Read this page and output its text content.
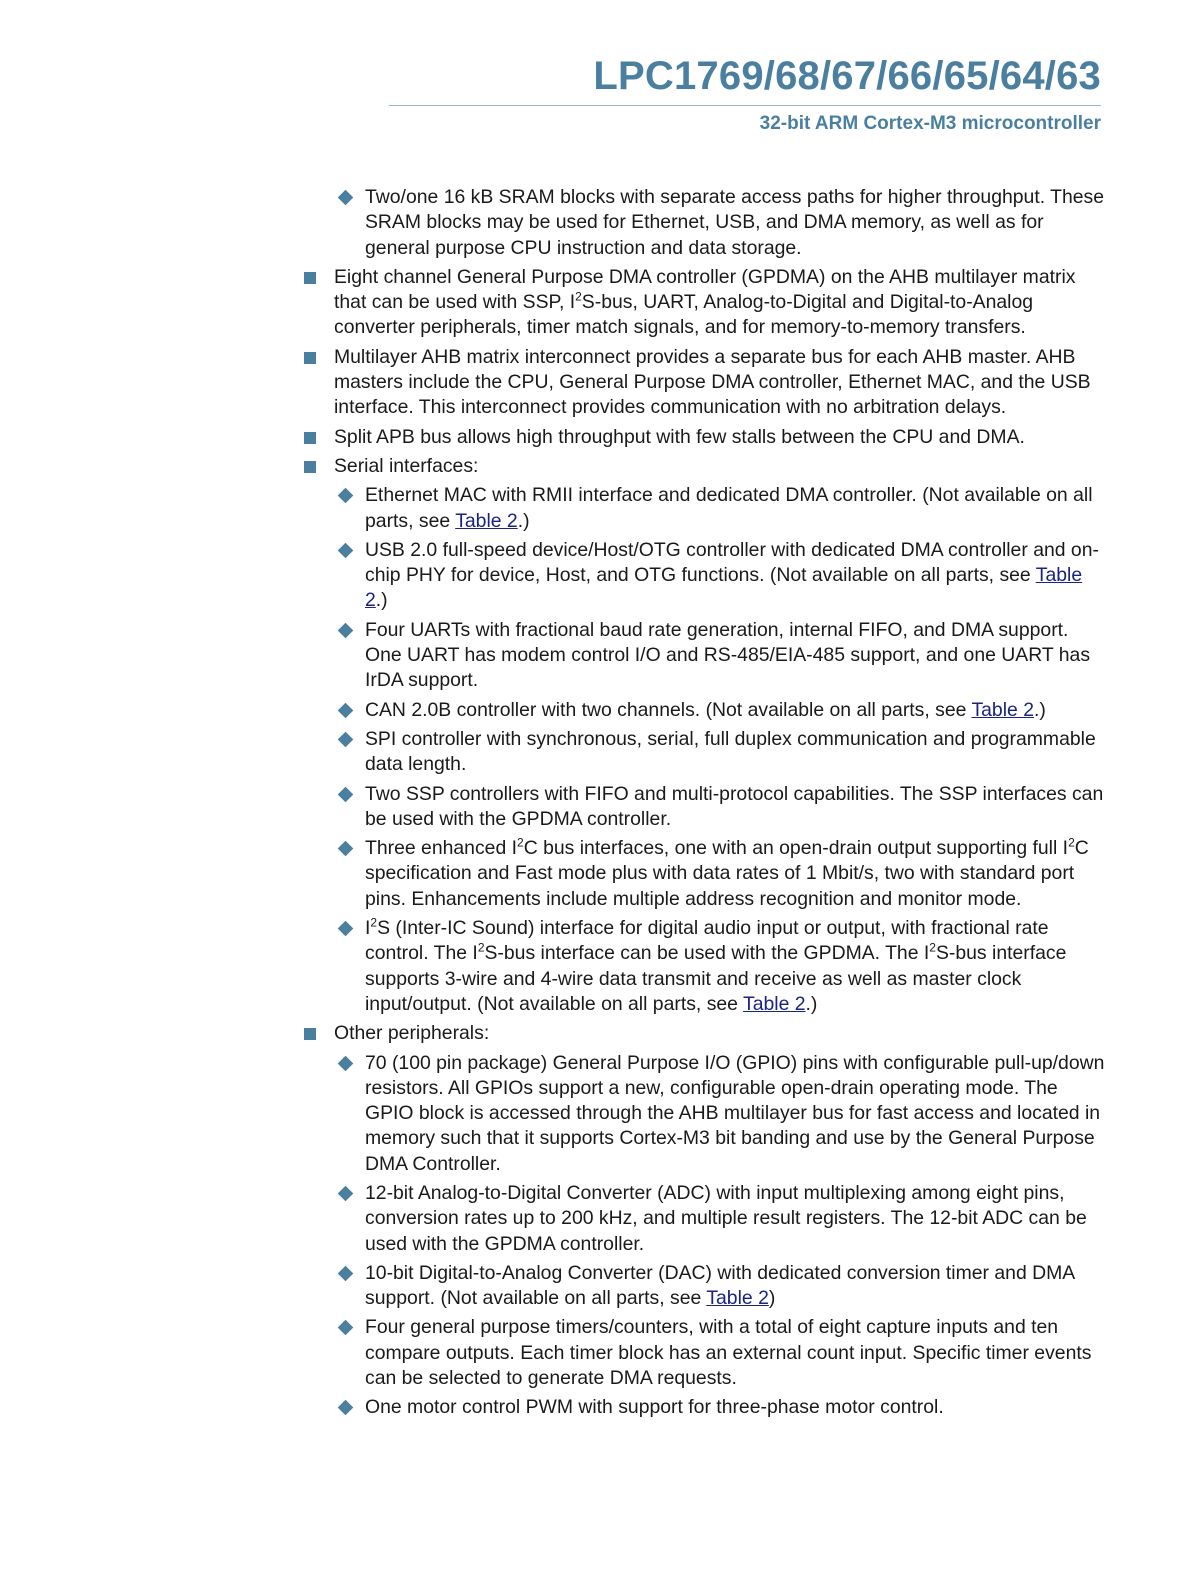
LPC1769/68/67/66/65/64/63
32-bit ARM Cortex-M3 microcontroller
Two/one 16 kB SRAM blocks with separate access paths for higher throughput. These SRAM blocks may be used for Ethernet, USB, and DMA memory, as well as for general purpose CPU instruction and data storage.
Eight channel General Purpose DMA controller (GPDMA) on the AHB multilayer matrix that can be used with SSP, $I^2S$-bus, UART, Analog-to-Digital and Digital-to-Analog converter peripherals, timer match signals, and for memory-to-memory transfers.
Multilayer AHB matrix interconnect provides a separate bus for each AHB master. AHB masters include the CPU, General Purpose DMA controller, Ethernet MAC, and the USB interface. This interconnect provides communication with no arbitration delays.
Split APB bus allows high throughput with few stalls between the CPU and DMA.
Serial interfaces:
Ethernet MAC with RMII interface and dedicated DMA controller. (Not available on all parts, see Table 2.)
USB 2.0 full-speed device/Host/OTG controller with dedicated DMA controller and on-chip PHY for device, Host, and OTG functions. (Not available on all parts, see Table 2.)
Four UARTs with fractional baud rate generation, internal FIFO, and DMA support. One UART has modem control I/O and RS-485/EIA-485 support, and one UART has IrDA support.
CAN 2.0B controller with two channels. (Not available on all parts, see Table 2.)
SPI controller with synchronous, serial, full duplex communication and programmable data length.
Two SSP controllers with FIFO and multi-protocol capabilities. The SSP interfaces can be used with the GPDMA controller.
Three enhanced $I^2C$ bus interfaces, one with an open-drain output supporting full $I^2C$ specification and Fast mode plus with data rates of 1 Mbit/s, two with standard port pins. Enhancements include multiple address recognition and monitor mode.
$I^2S$ (Inter-IC Sound) interface for digital audio input or output, with fractional rate control. The $I^2S$-bus interface can be used with the GPDMA. The $I^2S$-bus interface supports 3-wire and 4-wire data transmit and receive as well as master clock input/output. (Not available on all parts, see Table 2.)
Other peripherals:
70 (100 pin package) General Purpose I/O (GPIO) pins with configurable pull-up/down resistors. All GPIOs support a new, configurable open-drain operating mode. The GPIO block is accessed through the AHB multilayer bus for fast access and located in memory such that it supports Cortex-M3 bit banding and use by the General Purpose DMA Controller.
12-bit Analog-to-Digital Converter (ADC) with input multiplexing among eight pins, conversion rates up to 200 kHz, and multiple result registers. The 12-bit ADC can be used with the GPDMA controller.
10-bit Digital-to-Analog Converter (DAC) with dedicated conversion timer and DMA support. (Not available on all parts, see Table 2)
Four general purpose timers/counters, with a total of eight capture inputs and ten compare outputs. Each timer block has an external count input. Specific timer events can be selected to generate DMA requests.
One motor control PWM with support for three-phase motor control.
